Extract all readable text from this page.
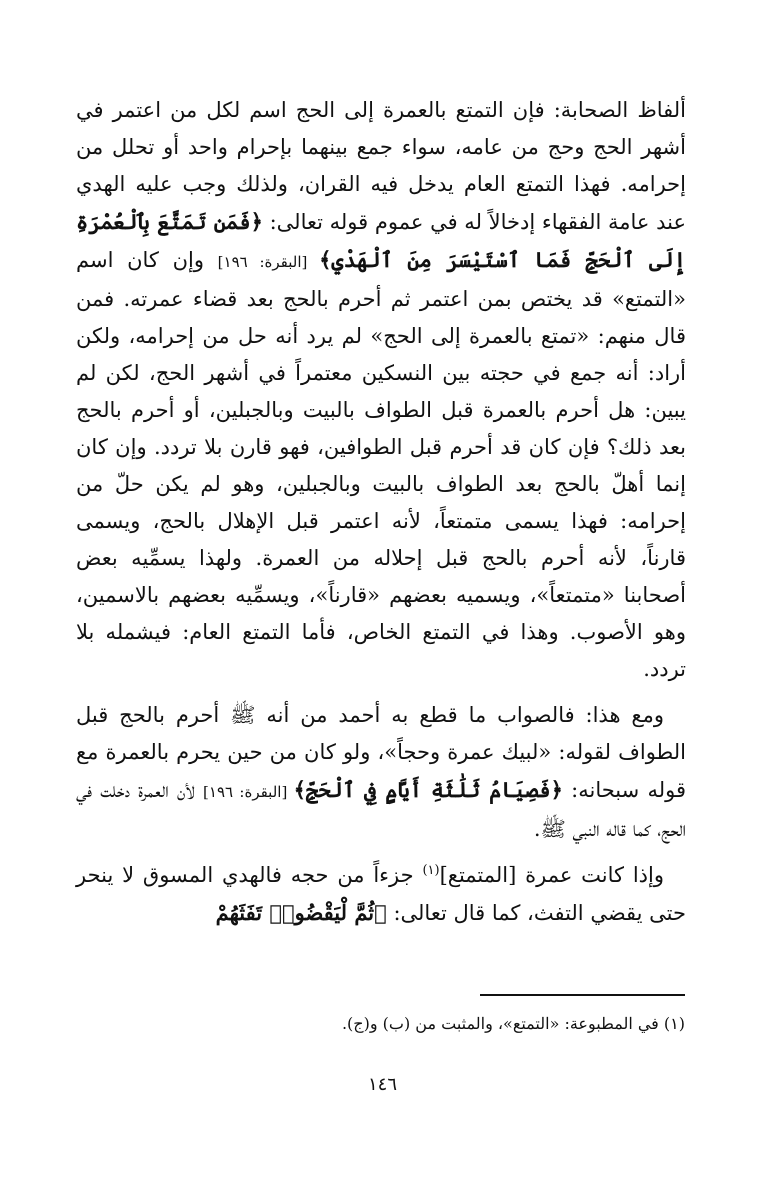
ألفاظ الصحابة: فإن التمتع بالعمرة إلى الحج اسم لكل من اعتمر في أشهر الحج وحج من عامه، سواء جمع بينهما بإحرام واحد أو تحلل من إحرامه. فهذا التمتع العام يدخل فيه القران، ولذلك وجب عليه الهدي عند عامة الفقهاء إدخالاً له في عموم قوله تعالى: ﴿فَمَن تَمَتَّعَ بِٱلْعُمْرَةِ إِلَى ٱلْحَجِّ فَمَا ٱسْتَيْسَرَ مِنَ ٱلْهَدْيِ﴾ [البقرة: ١٩٦] وإن كان اسم «التمتع» قد يختص بمن اعتمر ثم أحرم بالحج بعد قضاء عمرته. فمن قال منهم: «تمتع بالعمرة إلى الحج» لم يرد أنه حل من إحرامه، ولكن أراد: أنه جمع في حجته بين النسكين معتمراً في أشهر الحج، لكن لم يبين: هل أحرم بالعمرة قبل الطواف بالبيت وبالجبلين، أو أحرم بالحج بعد ذلك؟ فإن كان قد أحرم قبل الطوافين، فهو قارن بلا تردد. وإن كان إنما أهلّ بالحج بعد الطواف بالبيت وبالجبلين، وهو لم يكن حلّ من إحرامه: فهذا يسمى متمتعاً، لأنه اعتمر قبل الإهلال بالحج، ويسمى قارناً، لأنه أحرم بالحج قبل إحلاله من العمرة. ولهذا يسمِّيه بعض أصحابنا «متمتعاً»، ويسميه بعضهم «قارناً»، ويسمِّيه بعضهم بالاسمين، وهو الأصوب. وهذا في التمتع الخاص، فأما التمتع العام: فيشمله بلا تردد.

ومع هذا: فالصواب ما قطع به أحمد من أنه ﷺ أحرم بالحج قبل الطواف لقوله: «لبيك عمرة وحجاً»، ولو كان من حين يحرم بالعمرة مع قوله سبحانه: ﴿فَصِيَامُ ثَلَٰثَةِ أَيَّامٍ فِي ٱلْحَجِّ﴾ [البقرة: ١٩٦] لأن العمرة دخلت في الحج، كما قاله النبي ﷺ.

وإذا كانت عمرة [المتمتع]$^{(١)}$ جزءاً من حجه فالهدي المسوق لا ينحر حتى يقضي التفث، كما قال تعالى: ﴿ثُمَّ لْيَقْضُوا۟ تَفَثَهُمْ

(١) في المطبوعة: «التمتع»، والمثبت من (ب) و(ج).
١٤٦
